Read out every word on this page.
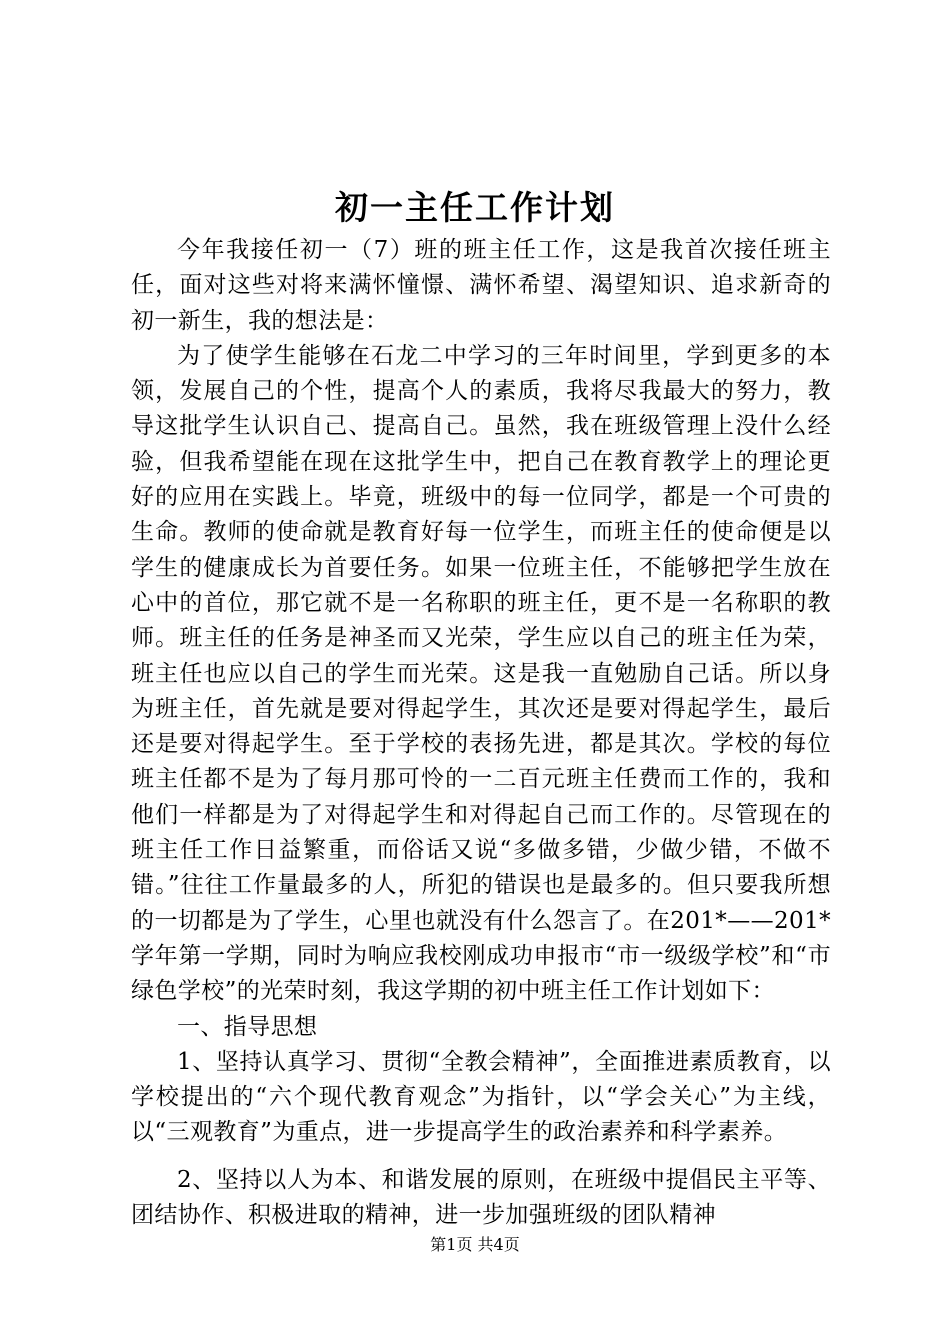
初一主任工作计划

今年我接任初一（7）班的班主任工作，这是我首次接任班主任，面对这些对将来满怀憧憬、满怀希望、渴望知识、追求新奇的初一新生，我的想法是：

为了使学生能够在石龙二中学习的三年时间里，学到更多的本领，发展自己的个性，提高个人的素质，我将尽我最大的努力，教导这批学生认识自己、提高自己。虽然，我在班级管理上没什么经验，但我希望能在现在这批学生中，把自己在教育教学上的理论更好的应用在实践上。毕竟，班级中的每一位同学，都是一个可贵的生命。教师的使命就是教育好每一位学生，而班主任的使命便是以学生的健康成长为首要任务。如果一位班主任，不能够把学生放在心中的首位，那它就不是一名称职的班主任，更不是一名称职的教师。班主任的任务是神圣而又光荣，学生应以自己的班主任为荣，班主任也应以自己的学生而光荣。这是我一直勉励自己话。所以身为班主任，首先就是要对得起学生，其次还是要对得起学生，最后还是要对得起学生。至于学校的表扬先进，都是其次。学校的每位班主任都不是为了每月那可怜的一二百元班主任费而工作的，我和他们一样都是为了对得起学生和对得起自己而工作的。尽管现在的班主任工作日益繁重，而俗话又说“多做多错，少做少错，不做不错。”往往工作量最多的人，所犯的错误也是最多的。但只要我所想的一切都是为了学生，心里也就没有什么怨言了。在201*——201*学年第一学期，同时为响应我校刚成功申报市“市一级级学校”和“市绿色学校”的光荣时刻，我这学期的初中班主任工作计划如下：

一、指导思想

1、坚持认真学习、贯彻“全教会精神”，全面推进素质教育，以学校提出的“六个现代教育观念”为指针，以“学会关心”为主线，以“三观教育”为重点，进一步提高学生的政治素养和科学素养。

2、坚持以人为本、和谐发展的原则，在班级中提倡民主平等、团结协作、积极进取的精神，进一步加强班级的团队精神

第1页 共4页
